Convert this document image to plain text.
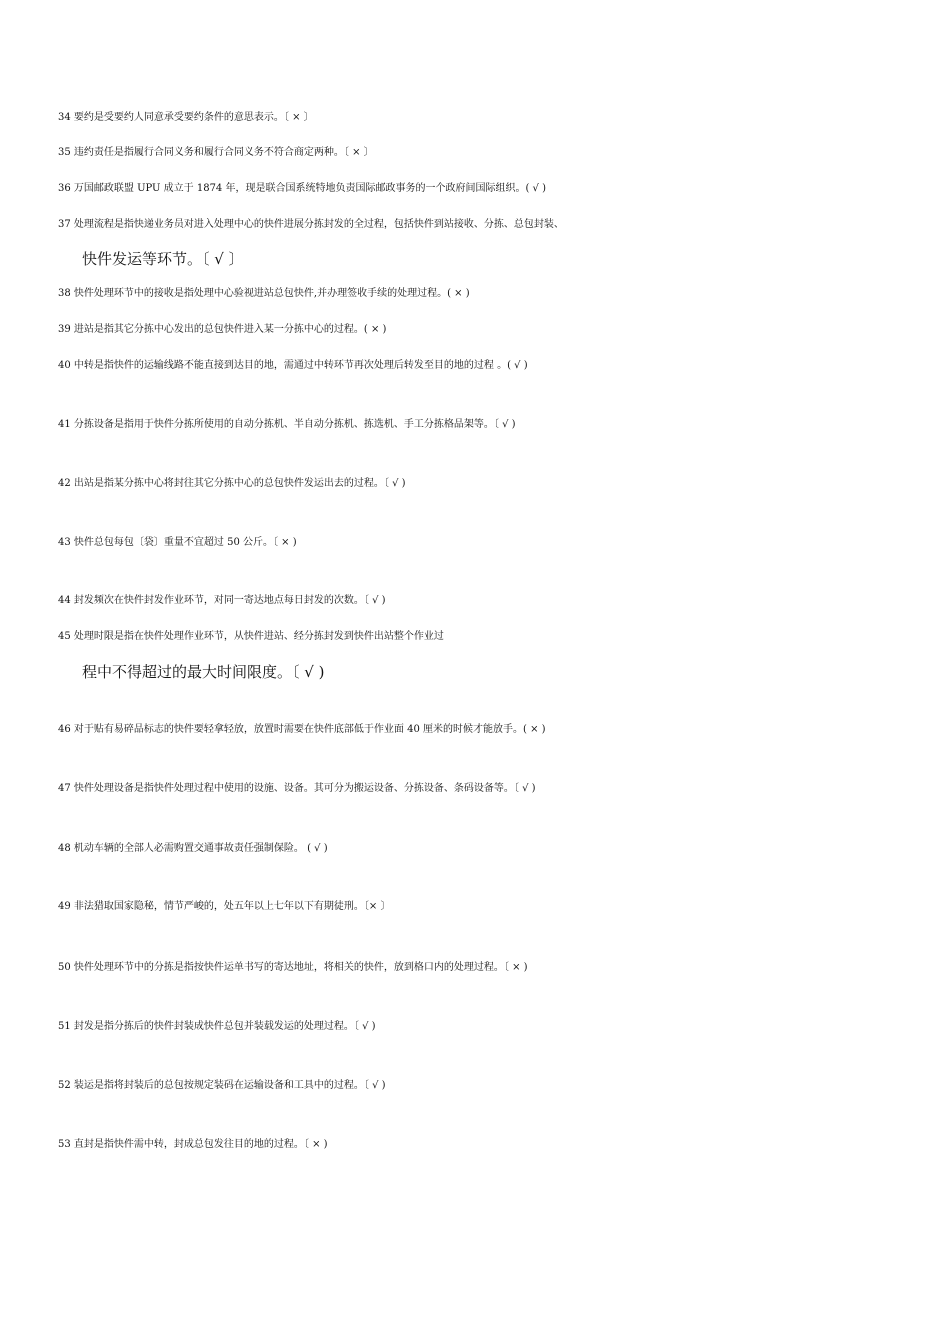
34 要约是受要约人同意承受要约条件的意思表示。〔 × 〕
35 违约责任是指履行合同义务和履行合同义务不符合商定两种。〔 × 〕
36 万国邮政联盟 UPU 成立于 1874 年，现是联合国系统特地负责国际邮政事务的一个政府间国际组织。( √ )
37 处理流程是指快递业务员对进入处理中心的快件进展分拣封发的全过程，包括快件到站接收、分拣、总包封装、
快件发运等环节。〔 √ 〕
38 快件处理环节中的接收是指处理中心验视进站总包快件,并办理签收手续的处理过程。( × )
39 进站是指其它分拣中心发出的总包快件进入某一分拣中心的过程。( × )
40 中转是指快件的运输线路不能直接到达目的地，需通过中转环节再次处理后转发至目的地的过程 。( √ )
41 分拣设备是指用于快件分拣所使用的自动分拣机、半自动分拣机、拣选机、手工分拣格品架等。〔 √ )
42 出站是指某分拣中心将封往其它分拣中心的总包快件发运出去的过程。〔 √ )
43 快件总包每包〔袋〕重量不宜超过 50 公斤。〔 × )
44 封发频次在快件封发作业环节，对同一寄达地点每日封发的次数。〔 √ )
45 处理时限是指在快件处理作业环节，从快件进站、经分拣封发到快件出站整个作业过
程中不得超过的最大时间限度。〔 √ )
46 对于贴有易碎品标志的快件要轻拿轻放，放置时需要在快件底部低于作业面 40 厘米的时候才能放手。( × )
47 快件处理设备是指快件处理过程中使用的设施、设备。其可分为搬运设备、分拣设备、条码设备等。〔 √ )
48 机动车辆的全部人必需购置交通事故责任强制保险。 ( √ )
49 非法猎取国家隐秘，情节严峻的，处五年以上七年以下有期徒刑。〔× 〕
50 快件处理环节中的分拣是指按快件运单书写的寄达地址，将相关的快件，放到格口内的处理过程。〔 × )
51 封发是指分拣后的快件封装成快件总包并装载发运的处理过程。〔 √ )
52 装运是指将封装后的总包按规定装码在运输设备和工具中的过程。〔 √ )
53 直封是指快件需中转，封成总包发往目的地的过程。〔 × )
